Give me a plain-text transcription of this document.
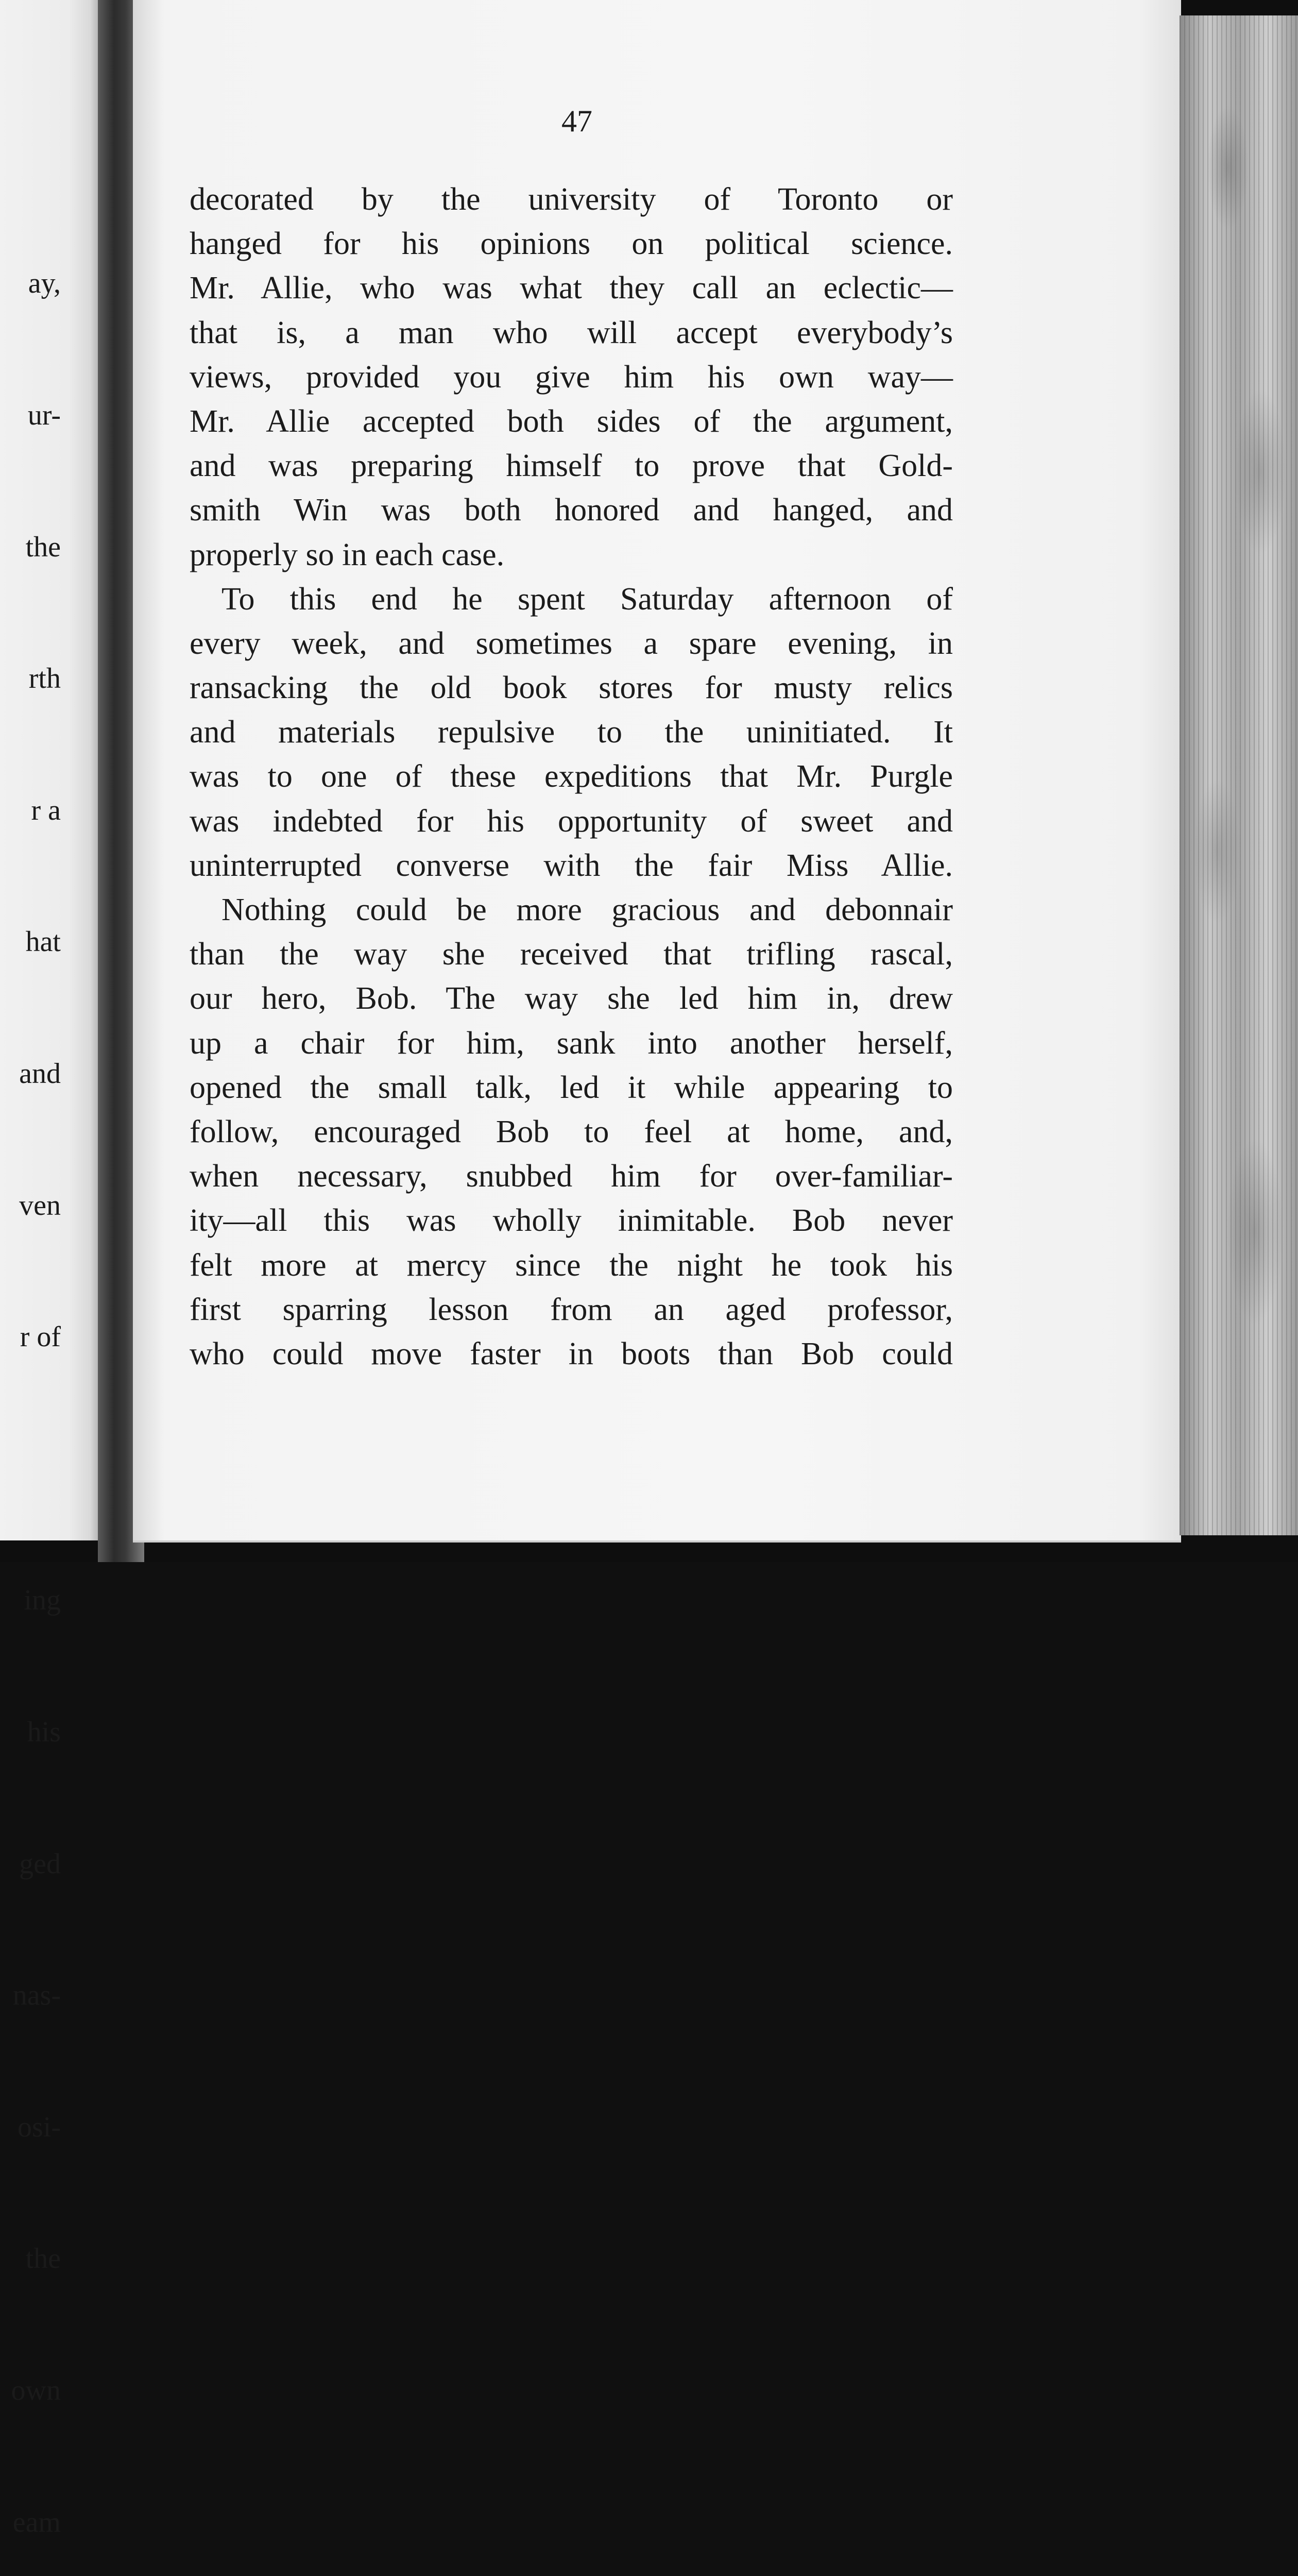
ay,

ur-

the

rth

r a

hat

and

ven

r of

ing

his

ged

nas-

osi-

the

own

eam

47
decorated by the university of Toronto or
hanged for his opinions on political science.
Mr. Allie, who was what they call an eclectic—
that is, a man who will accept everybody’s
views, provided you give him his own way—
Mr. Allie accepted both sides of the argument,
and was preparing himself to prove that Gold-
smith Win was both honored and hanged, and
properly so in each case.
To this end he spent Saturday afternoon of
every week, and sometimes a spare evening, in
ransacking the old book stores for musty relics
and materials repulsive to the uninitiated. It
was to one of these expeditions that Mr. Purgle
was indebted for his opportunity of sweet and
uninterrupted converse with the fair Miss Allie.
Nothing could be more gracious and debonnair
than the way she received that trifling rascal,
our hero, Bob. The way she led him in, drew
up a chair for him, sank into another herself,
opened the small talk, led it while appearing to
follow, encouraged Bob to feel at home, and,
when necessary, snubbed him for over-familiar-
ity—all this was wholly inimitable. Bob never
felt more at mercy since the night he took his
first sparring lesson from an aged professor,
who could move faster in boots than Bob could
